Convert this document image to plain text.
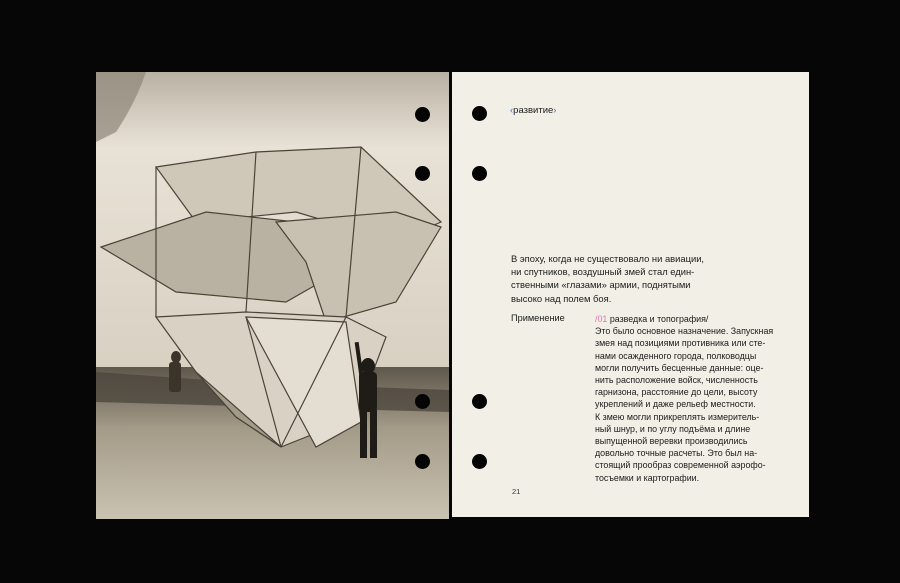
‹развитие›
В эпоху, когда не существовало ни авиации,
ни спутников, воздушный змей стал един-
ственными «глазами» армии, поднятыми
высоко над полем боя.
Применение	/01 разведка и топография/
Это было основное назначение. Запускная
змея над позициями противника или сте-
нами осажденного города, полководцы
могли получить бесценные данные: оце-
нить расположение войск, численность
гарнизона, расстояние до цели, высоту
укреплений и даже рельеф местности.
К змею могли прикреплять измеритель-
ный шнур, и по углу подъёма и длине
выпущенной веревки производились
довольно точные расчеты. Это был на-
стоящий прообраз современной аэрофо-
тосъемки и картографии.
21
